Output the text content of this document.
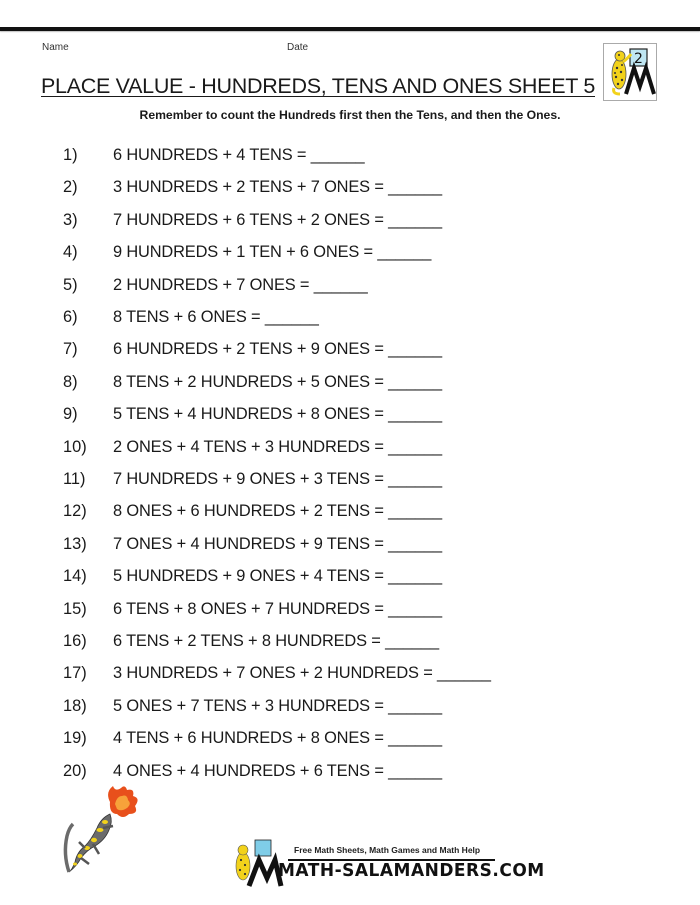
Name	Date
PLACE VALUE - HUNDREDS, TENS AND ONES SHEET 5
2
Remember to count the Hundreds first then the Tens, and then the Ones.
1) 6 HUNDREDS + 4 TENS = ______
2) 3 HUNDREDS + 2 TENS + 7 ONES = ______
3) 7 HUNDREDS + 6 TENS + 2 ONES = ______
4) 9 HUNDREDS + 1 TEN + 6 ONES = ______
5) 2 HUNDREDS + 7 ONES = ______
6) 8 TENS + 6 ONES = ______
7) 6 HUNDREDS + 2 TENS + 9 ONES = ______
8) 8 TENS + 2 HUNDREDS + 5 ONES = ______
9) 5 TENS + 4 HUNDREDS + 8 ONES = ______
10) 2 ONES + 4 TENS + 3 HUNDREDS = ______
11) 7 HUNDREDS + 9 ONES + 3 TENS = ______
12) 8 ONES + 6 HUNDREDS + 2 TENS = ______
13) 7 ONES + 4 HUNDREDS + 9 TENS = ______
14) 5 HUNDREDS + 9 ONES + 4 TENS = ______
15) 6 TENS + 8 ONES + 7 HUNDREDS = ______
16) 6 TENS + 2 TENS + 8 HUNDREDS = ______
17) 3 HUNDREDS + 7 ONES + 2 HUNDREDS = ______
18) 5 ONES + 7 TENS + 3 HUNDREDS = ______
19) 4 TENS + 6 HUNDREDS + 8 ONES = ______
20) 4 ONES + 4 HUNDREDS + 6 TENS = ______
Free Math Sheets, Math Games and Math Help
MATH-SALAMANDERS.COM
